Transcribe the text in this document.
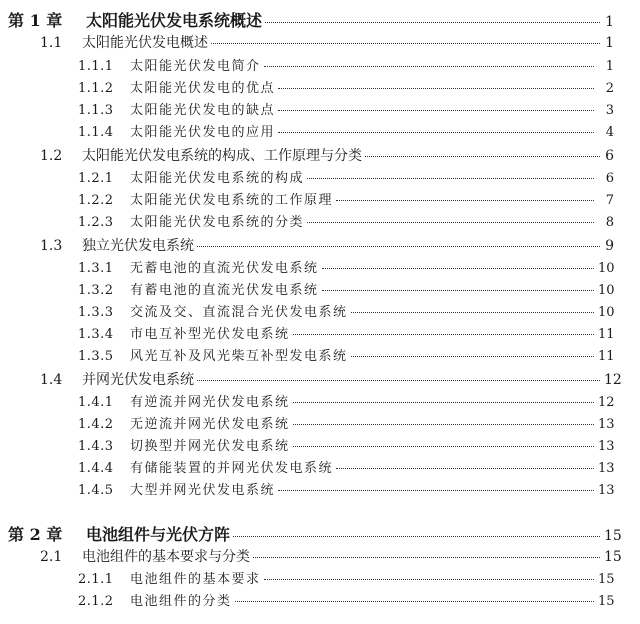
第 1 章	太阳能光伏发电系统概述	1
1.1	太阳能光伏发电概述	1
1.1.1	太阳能光伏发电简介	1
1.1.2	太阳能光伏发电的优点	2
1.1.3	太阳能光伏发电的缺点	3
1.1.4	太阳能光伏发电的应用	4
1.2	太阳能光伏发电系统的构成、工作原理与分类	6
1.2.1	太阳能光伏发电系统的构成	6
1.2.2	太阳能光伏发电系统的工作原理	7
1.2.3	太阳能光伏发电系统的分类	8
1.3	独立光伏发电系统	9
1.3.1	无蓄电池的直流光伏发电系统	10
1.3.2	有蓄电池的直流光伏发电系统	10
1.3.3	交流及交、直流混合光伏发电系统	10
1.3.4	市电互补型光伏发电系统	11
1.3.5	风光互补及风光柴互补型发电系统	11
1.4	并网光伏发电系统	12
1.4.1	有逆流并网光伏发电系统	12
1.4.2	无逆流并网光伏发电系统	13
1.4.3	切换型并网光伏发电系统	13
1.4.4	有储能装置的并网光伏发电系统	13
1.4.5	大型并网光伏发电系统	13
第 2 章	电池组件与光伏方阵	15
2.1	电池组件的基本要求与分类	15
2.1.1	电池组件的基本要求	15
2.1.2	电池组件的分类	15
